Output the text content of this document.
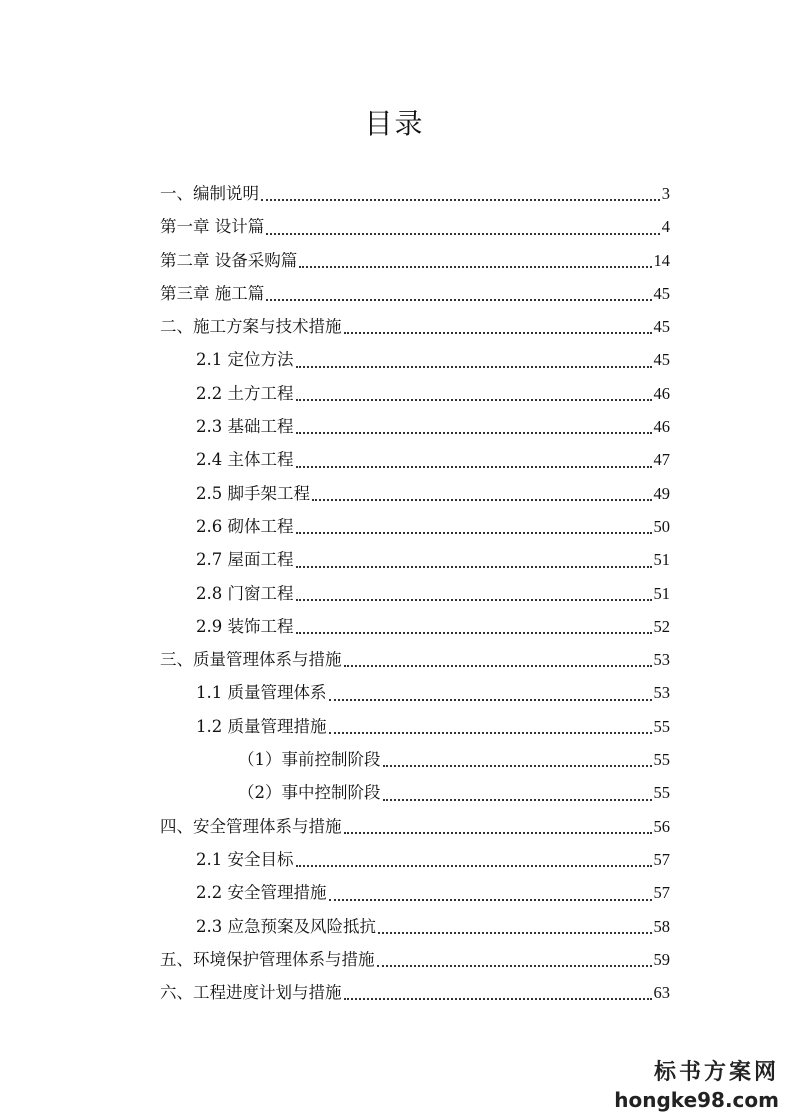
目录
一、编制说明	3
第一章 设计篇	4
第二章 设备采购篇	14
第三章 施工篇	45
二、施工方案与技术措施	45
2.1 定位方法	45
2.2 土方工程	46
2.3 基础工程	46
2.4 主体工程	47
2.5 脚手架工程	49
2.6 砌体工程	50
2.7 屋面工程	51
2.8 门窗工程	51
2.9 装饰工程	52
三、质量管理体系与措施	53
1.1 质量管理体系	53
1.2 质量管理措施	55
（1）事前控制阶段	55
（2）事中控制阶段	55
四、安全管理体系与措施	56
2.1 安全目标	57
2.2 安全管理措施	57
2.3 应急预案及风险抵抗	58
五、环境保护管理体系与措施	59
六、工程进度计划与措施	63
标书方案网
hongke98.com
